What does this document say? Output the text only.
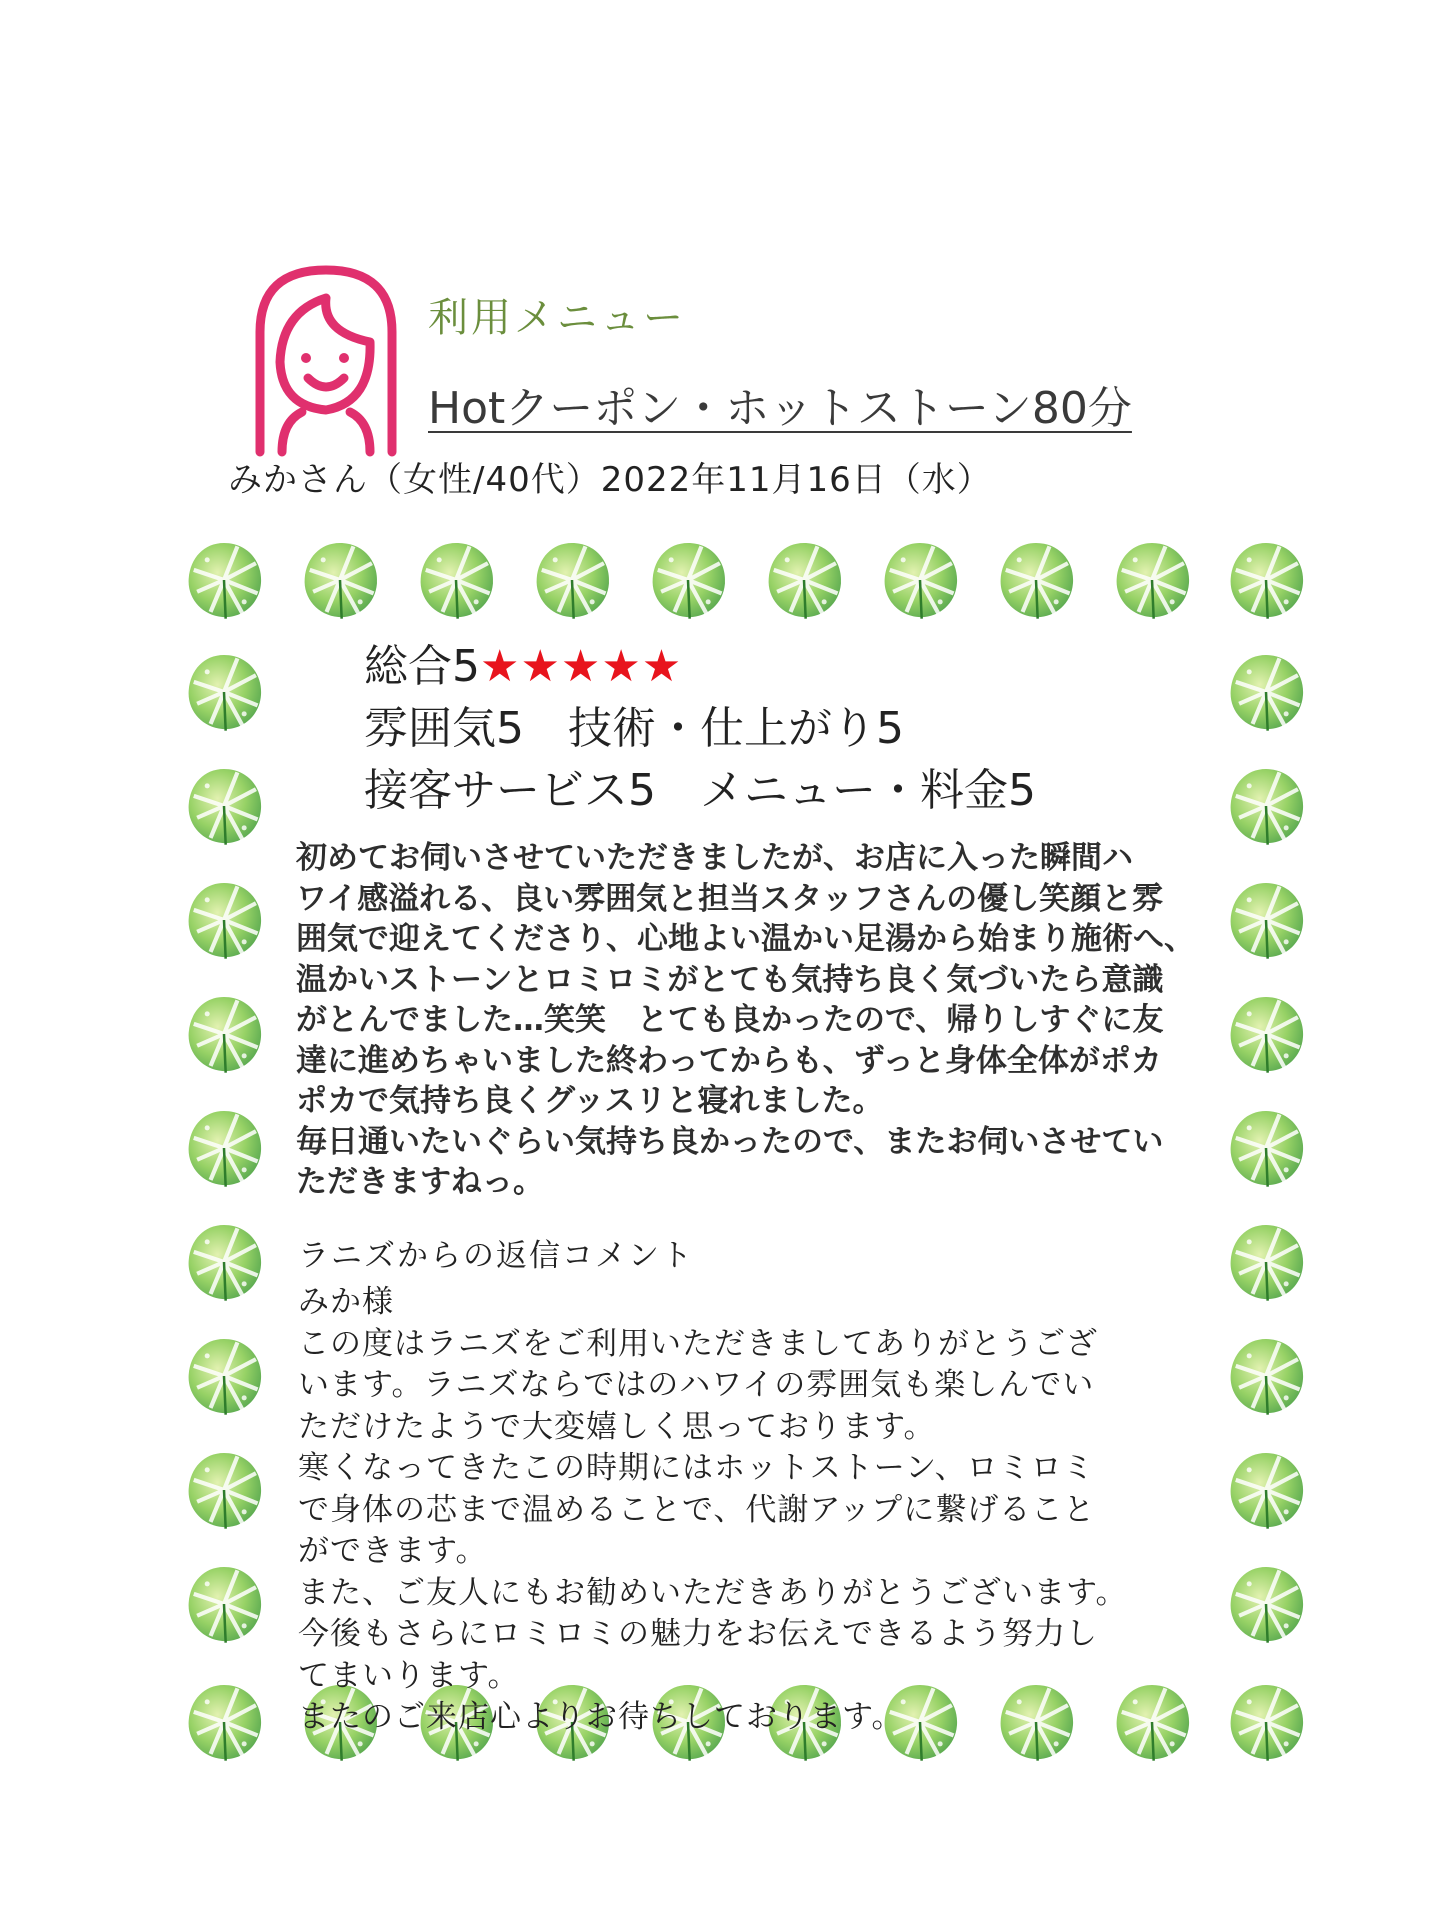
利用メニュー
Hotクーポン・ホットストーン80分
みかさん（女性/40代）2022年11月16日（水）
総合5★★★★★
雰囲気5 技術・仕上がり5
接客サービス5 メニュー・料金5

初めてお伺いさせていただきましたが、お店に入った瞬間ハ
ワイ感溢れる、良い雰囲気と担当スタッフさんの優し笑顔と雰
囲気で迎えてくださり、心地よい温かい足湯から始まり施術へ、
温かいストーンとロミロミがとても気持ち良く気づいたら意識
がとんでました…笑笑　とても良かったので、帰りしすぐに友
達に進めちゃいました終わってからも、ずっと身体全体がポカ
ポカで気持ち良くグッスリと寝れました。
毎日通いたいぐらい気持ち良かったので、またお伺いさせてい
ただきますねっ。

ラニズからの返信コメント

みか様
この度はラニズをご利用いただきましてありがとうござ
います。ラニズならではのハワイの雰囲気も楽しんでい
ただけたようで大変嬉しく思っております。
寒くなってきたこの時期にはホットストーン、ロミロミ
で身体の芯まで温めることで、代謝アップに繋げること
ができます。
また、ご友人にもお勧めいただきありがとうございます。
今後もさらにロミロミの魅力をお伝えできるよう努力し
てまいります。
またのご来店心よりお待ちしております。
